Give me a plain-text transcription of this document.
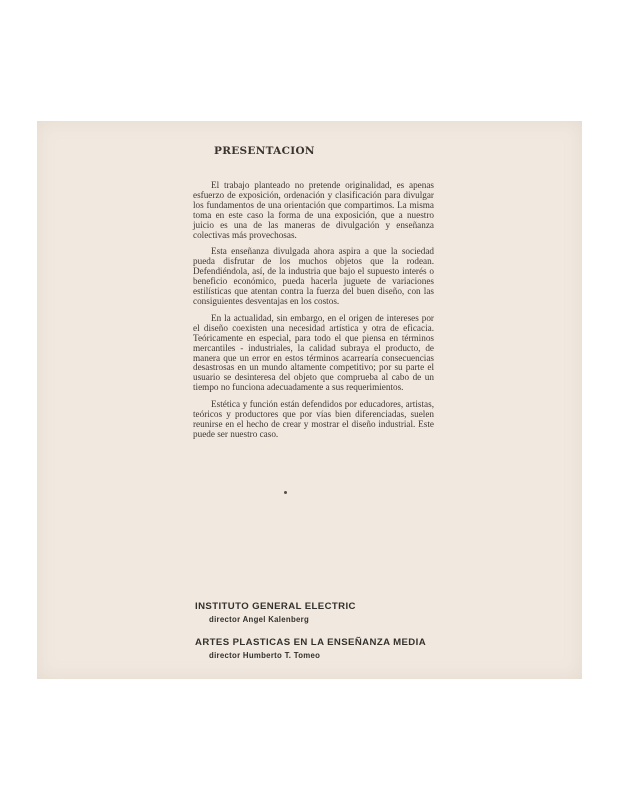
PRESENTACION

El trabajo planteado no pretende originalidad, es apenas esfuerzo de exposición, ordenación y clasificación para divulgar los fundamentos de una orientación que compartimos. La misma toma en este caso la forma de una exposición, que a nuestro juicio es una de las maneras de divulgación y enseñanza colectivas más provechosas.

Esta enseñanza divulgada ahora aspira a que la sociedad pueda disfrutar de los muchos objetos que la rodean. Defendiéndola, así, de la industria que bajo el supuesto interés o beneficio económico, pueda hacerla juguete de variaciones estilísticas que atentan contra la fuerza del buen diseño, con las consiguientes desventajas en los costos.

En la actualidad, sin embargo, en el origen de intereses por el diseño coexisten una necesidad artística y otra de eficacia. Teóricamente en especial, para todo el que piensa en términos mercantiles - industriales, la calidad subraya el producto, de manera que un error en estos términos acarrearía consecuencias desastrosas en un mundo altamente competitivo; por su parte el usuario se desinteresa del objeto que comprueba al cabo de un tiempo no funciona adecuadamente a sus requerimientos.

Estética y función están defendidos por educadores, artistas, teóricos y productores que por vías bien diferenciadas, suelen reunirse en el hecho de crear y mostrar el diseño industrial. Este puede ser nuestro caso.

INSTITUTO GENERAL ELECTRIC

director Angel Kalenberg

ARTES PLASTICAS EN LA ENSEÑANZA MEDIA

director Humberto T. Tomeo
